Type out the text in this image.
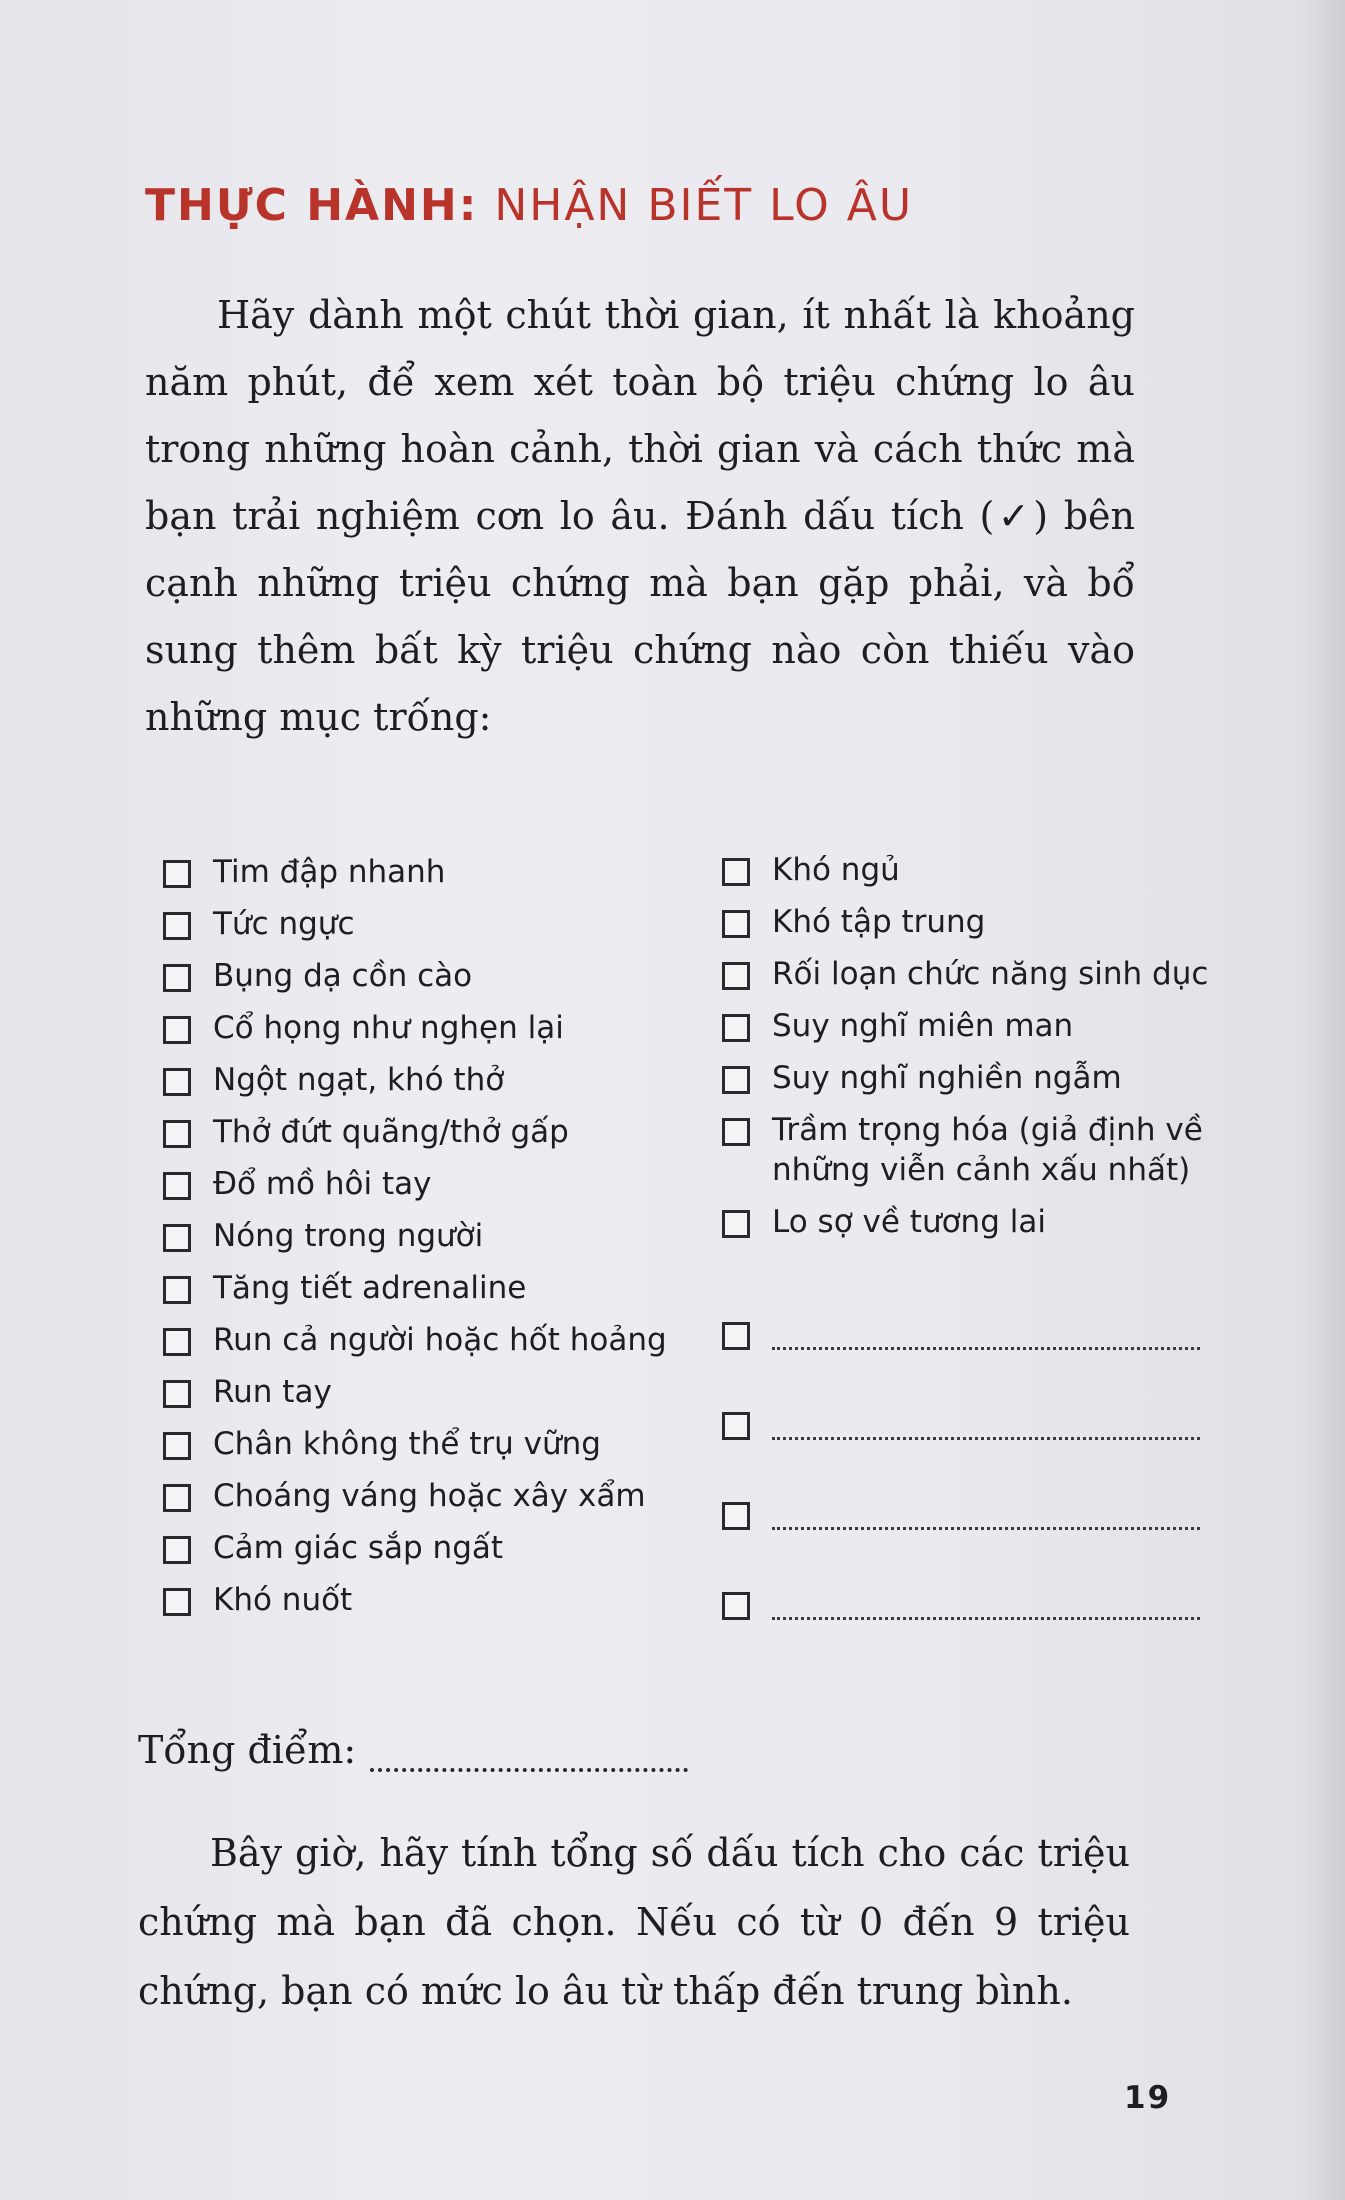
THỰC HÀNH: NHẬN BIẾT LO ÂU

Hãy dành một chút thời gian, ít nhất là khoảng năm phút, để xem xét toàn bộ triệu chứng lo âu trong những hoàn cảnh, thời gian và cách thức mà bạn trải nghiệm cơn lo âu. Đánh dấu tích (✓) bên cạnh những triệu chứng mà bạn gặp phải, và bổ sung thêm bất kỳ triệu chứng nào còn thiếu vào những mục trống:

Tim đập nhanh
Tức ngực
Bụng dạ cồn cào
Cổ họng như nghẹn lại
Ngột ngạt, khó thở
Thở đứt quãng/thở gấp
Đổ mồ hôi tay
Nóng trong người
Tăng tiết adrenaline
Run cả người hoặc hốt hoảng
Run tay
Chân không thể trụ vững
Choáng váng hoặc xây xẩm
Cảm giác sắp ngất
Khó nuốt
Khó ngủ
Khó tập trung
Rối loạn chức năng sinh dục
Suy nghĩ miên man
Suy nghĩ nghiền ngẫm
Trầm trọng hóa (giả định về những viễn cảnh xấu nhất)
Lo sợ về tương lai
Tổng điểm:

Bây giờ, hãy tính tổng số dấu tích cho các triệu chứng mà bạn đã chọn. Nếu có từ 0 đến 9 triệu chứng, bạn có mức lo âu từ thấp đến trung bình.

19
